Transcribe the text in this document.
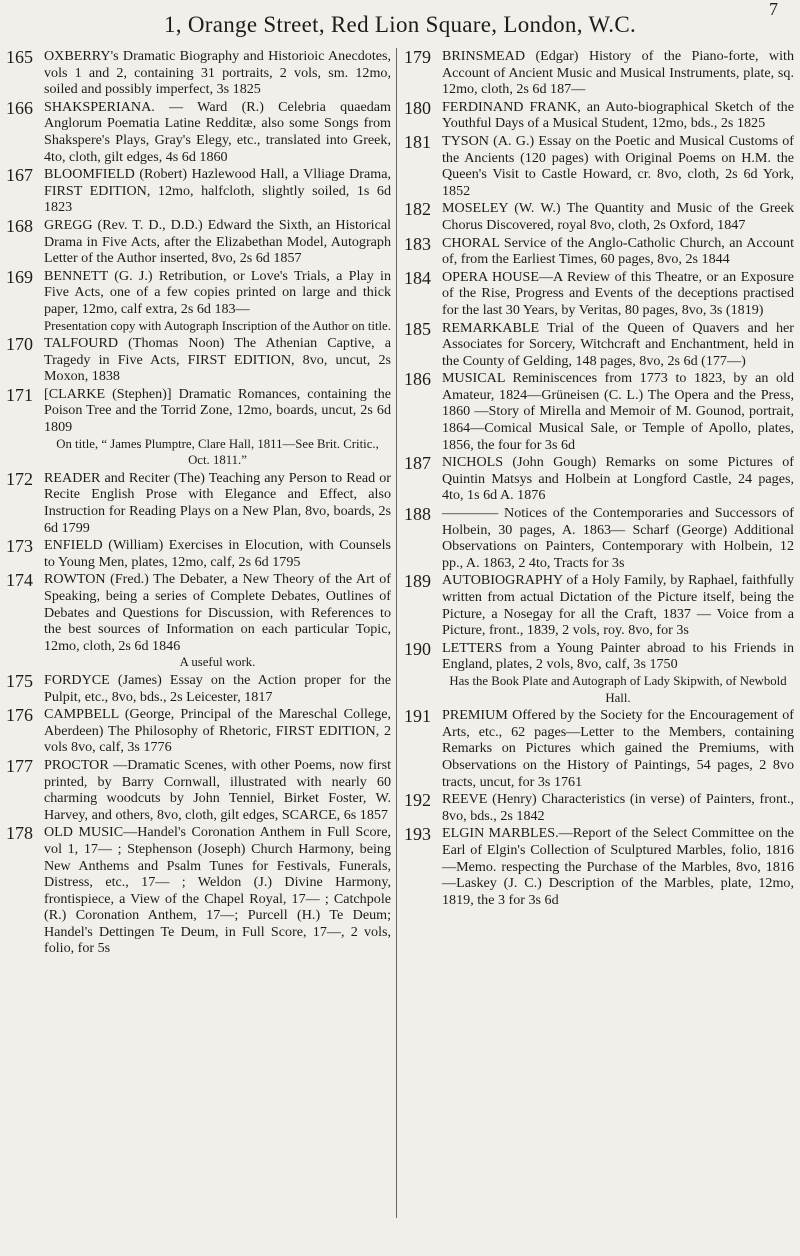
1, Orange Street, Red Lion Square, London, W.C.
7
165 OXBERRY's Dramatic Biography and Historioic Anecdotes, vols 1 and 2, containing 31 portraits, 2 vols, sm. 12mo, soiled and possibly imperfect, 3s 1825
166 SHAKSPERIANA. — Ward (R.) Celebria quaedam Anglorum Poematia Latine Redditæ, also some Songs from Shakspere's Plays, Gray's Elegy, etc., translated into Greek, 4to, cloth, gilt edges, 4s 6d 1860
167 BLOOMFIELD (Robert) Hazlewood Hall, a Vlliage Drama, FIRST EDITION, 12mo, halfcloth, slightly soiled, 1s 6d 1823
168 GREGG (Rev. T. D., D.D.) Edward the Sixth, an Historical Drama in Five Acts, after the Elizabethan Model, Autograph Letter of the Author inserted, 8vo, 2s 6d 1857
169 BENNETT (G. J.) Retribution, or Love's Trials, a Play in Five Acts, one of a few copies printed on large and thick paper, 12mo, calf extra, 2s 6d 183—
Presentation copy with Autograph Inscription of the Author on title.
170 TALFOURD (Thomas Noon) The Athenian Captive, a Tragedy in Five Acts, FIRST EDITION, 8vo, uncut, 2s Moxon, 1838
171 [CLARKE (Stephen)] Dramatic Romances, containing the Poison Tree and the Torrid Zone, 12mo, boards, uncut, 2s 6d 1809
On title, “ James Plumptre, Clare Hall, 1811—See Brit. Critic., Oct. 1811.”
172 READER and Reciter (The) Teaching any Person to Read or Recite English Prose with Elegance and Effect, also Instruction for Reading Plays on a New Plan, 8vo, boards, 2s 6d 1799
173 ENFIELD (William) Exercises in Elocution, with Counsels to Young Men, plates, 12mo, calf, 2s 6d 1795
174 ROWTON (Fred.) The Debater, a New Theory of the Art of Speaking, being a series of Complete Debates, Outlines of Debates and Questions for Discussion, with References to the best sources of Information on each particular Topic, 12mo, cloth, 2s 6d 1846
A useful work.
175 FORDYCE (James) Essay on the Action proper for the Pulpit, etc., 8vo, bds., 2s Leicester, 1817
176 CAMPBELL (George, Principal of the Mareschal College, Aberdeen) The Philosophy of Rhetoric, FIRST EDITION, 2 vols 8vo, calf, 3s 1776
177 PROCTOR —Dramatic Scenes, with other Poems, now first printed, by Barry Cornwall, illustrated with nearly 60 charming woodcuts by John Tenniel, Birket Foster, W. Harvey, and others, 8vo, cloth, gilt edges, SCARCE, 6s 1857
178 OLD MUSIC—Handel's Coronation Anthem in Full Score, vol 1, 17— ; Stephenson (Joseph) Church Harmony, being New Anthems and Psalm Tunes for Festivals, Funerals, Distress, etc., 17— ; Weldon (J.) Divine Harmony, frontispiece, a View of the Chapel Royal, 17— ; Catchpole (R.) Coronation Anthem, 17—; Purcell (H.) Te Deum; Handel's Dettingen Te Deum, in Full Score, 17—, 2 vols, folio, for 5s
179 BRINSMEAD (Edgar) History of the Piano-forte, with Account of Ancient Music and Musical Instruments, plate, sq. 12mo, cloth, 2s 6d 187—
180 FERDINAND FRANK, an Auto-biographical Sketch of the Youthful Days of a Musical Student, 12mo, bds., 2s 1825
181 TYSON (A. G.) Essay on the Poetic and Musical Customs of the Ancients (120 pages) with Original Poems on H.M. the Queen's Visit to Castle Howard, cr. 8vo, cloth, 2s 6d York, 1852
182 MOSELEY (W. W.) The Quantity and Music of the Greek Chorus Discovered, royal 8vo, cloth, 2s Oxford, 1847
183 CHORAL Service of the Anglo-Catholic Church, an Account of, from the Earliest Times, 60 pages, 8vo, 2s 1844
184 OPERA HOUSE—A Review of this Theatre, or an Exposure of the Rise, Progress and Events of the deceptions practised for the last 30 Years, by Veritas, 80 pages, 8vo, 3s (1819)
185 REMARKABLE Trial of the Queen of Quavers and her Associates for Sorcery, Witchcraft and Enchantment, held in the County of Gelding, 148 pages, 8vo, 2s 6d (177—)
186 MUSICAL Reminiscences from 1773 to 1823, by an old Amateur, 1824—Grüneisen (C. L.) The Opera and the Press, 1860 —Story of Mirella and Memoir of M. Gounod, portrait, 1864—Comical Musical Sale, or Temple of Apollo, plates, 1856, the four for 3s 6d
187 NICHOLS (John Gough) Remarks on some Pictures of Quintin Matsys and Holbein at Longford Castle, 24 pages, 4to, 1s 6d A. 1876
188 ———— Notices of the Contemporaries and Successors of Holbein, 30 pages, A. 1863— Scharf (George) Additional Observations on Painters, Contemporary with Holbein, 12 pp., A. 1863, 2 4to, Tracts for 3s
189 AUTOBIOGRAPHY of a Holy Family, by Raphael, faithfully written from actual Dictation of the Picture itself, being the Picture, a Nosegay for all the Craft, 1837 — Voice from a Picture, front., 1839, 2 vols, roy. 8vo, for 3s
190 LETTERS from a Young Painter abroad to his Friends in England, plates, 2 vols, 8vo, calf, 3s 1750
Has the Book Plate and Autograph of Lady Skipwith, of Newbold Hall.
191 PREMIUM Offered by the Society for the Encouragement of Arts, etc., 62 pages—Letter to the Members, containing Remarks on Pictures which gained the Premiums, with Observations on the History of Paintings, 54 pages, 2 8vo tracts, uncut, for 3s 1761
192 REEVE (Henry) Characteristics (in verse) of Painters, front., 8vo, bds., 2s 1842
193 ELGIN MARBLES.—Report of the Select Committee on the Earl of Elgin's Collection of Sculptured Marbles, folio, 1816—Memo. respecting the Purchase of the Marbles, 8vo, 1816—Laskey (J. C.) Description of the Marbles, plate, 12mo, 1819, the 3 for 3s 6d
